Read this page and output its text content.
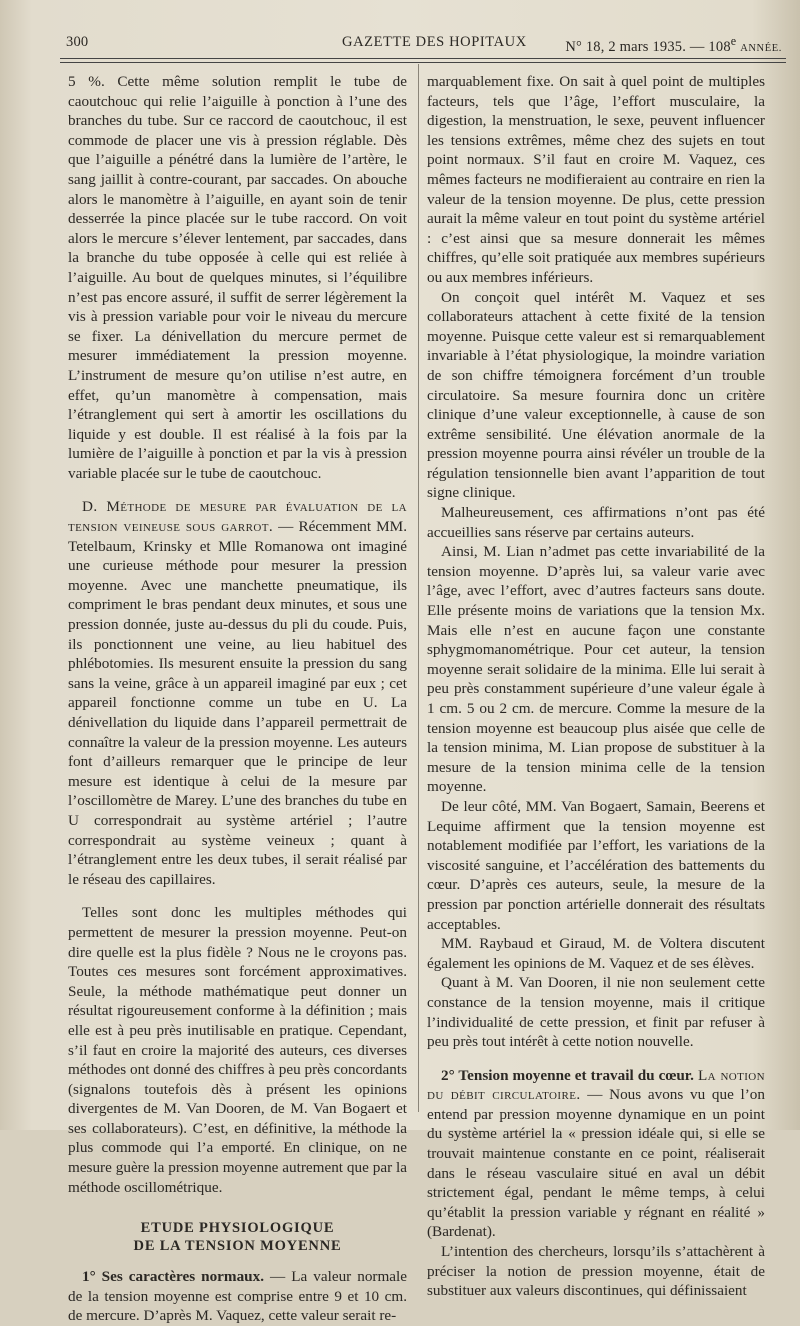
300	GAZETTE DES HOPITAUX	N° 18, 2 mars 1935. — 108e ANNÉE.

5 %. Cette même solution remplit le tube de caoutchouc qui relie l’aiguille à ponction à l’une des branches du tube. Sur ce raccord de caoutchouc, il est commode de placer une vis à pression réglable. Dès que l’aiguille a pénétré dans la lumière de l’artère, le sang jaillit à contre-courant, par saccades. On abouche alors le manomètre à l’aiguille, en ayant soin de tenir desserrée la pince placée sur le tube raccord. On voit alors le mercure s’élever lentement, par saccades, dans la branche du tube opposée à celle qui est reliée à l’aiguille. Au bout de quelques minutes, si l’équilibre n’est pas encore assuré, il suffit de serrer légèrement la vis à pression variable pour voir le niveau du mercure se fixer. La dénivellation du mercure permet de mesurer immédiatement la pression moyenne. L’instrument de mesure qu’on utilise n’est autre, en effet, qu’un manomètre à compensation, mais l’étranglement qui sert à amortir les oscillations du liquide y est double. Il est réalisé à la fois par la lumière de l’aiguille à ponction et par la vis à pression variable placée sur le tube de caoutchouc.

D. Méthode de mesure par évaluation de la tension veineuse sous garrot. — Récemment MM. Tetelbaum, Krinsky et Mlle Romanowa ont imaginé une curieuse méthode pour mesurer la pression moyenne. Avec une manchette pneumatique, ils compriment le bras pendant deux minutes, et sous une pression donnée, juste au-dessus du pli du coude. Puis, ils ponctionnent une veine, au lieu habituel des phlébotomies. Ils mesurent ensuite la pression du sang sans la veine, grâce à un appareil imaginé par eux ; cet appareil fonctionne comme un tube en U. La dénivellation du liquide dans l’appareil permettrait de connaître la valeur de la pression moyenne. Les auteurs font d’ailleurs remarquer que le principe de leur mesure est identique à celui de la mesure par l’oscillomètre de Marey. L’une des branches du tube en U correspondrait au système artériel ; l’autre correspondrait au système veineux ; quant à l’étranglement entre les deux tubes, il serait réalisé par le réseau des capillaires.

Telles sont donc les multiples méthodes qui permettent de mesurer la pression moyenne. Peut-on dire quelle est la plus fidèle ? Nous ne le croyons pas. Toutes ces mesures sont forcément approximatives. Seule, la méthode mathématique peut donner un résultat rigoureusement conforme à la définition ; mais elle est à peu près inutilisable en pratique. Cependant, s’il faut en croire la majorité des auteurs, ces diverses méthodes ont donné des chiffres à peu près concordants (signalons toutefois dès à présent les opinions divergentes de M. Van Dooren, de M. Van Bogaert et ses collaborateurs). C’est, en définitive, la méthode la plus commode qui l’a emporté. En clinique, on ne mesure guère la pression moyenne autrement que par la méthode oscillométrique.

ETUDE PHYSIOLOGIQUE
DE LA TENSION MOYENNE

1° Ses caractères normaux. — La valeur normale de la tension moyenne est comprise entre 9 et 10 cm. de mercure. D’après M. Vaquez, cette valeur serait re-

marquablement fixe. On sait à quel point de multiples facteurs, tels que l’âge, l’effort musculaire, la digestion, la menstruation, le sexe, peuvent influencer les tensions extrêmes, même chez des sujets en tout point normaux. S’il faut en croire M. Vaquez, ces mêmes facteurs ne modifieraient au contraire en rien la valeur de la tension moyenne. De plus, cette pression aurait la même valeur en tout point du système artériel : c’est ainsi que sa mesure donnerait les mêmes chiffres, qu’elle soit pratiquée aux membres supérieurs ou aux membres inférieurs.

On conçoit quel intérêt M. Vaquez et ses collaborateurs attachent à cette fixité de la tension moyenne. Puisque cette valeur est si remarquablement invariable à l’état physiologique, la moindre variation de son chiffre témoignera forcément d’un trouble circulatoire. Sa mesure fournira donc un critère clinique d’une valeur exceptionnelle, à cause de son extrême sensibilité. Une élévation anormale de la pression moyenne pourra ainsi révéler un trouble de la régulation tensionnelle bien avant l’apparition de tout signe clinique.

Malheureusement, ces affirmations n’ont pas été accueillies sans réserve par certains auteurs.

Ainsi, M. Lian n’admet pas cette invariabilité de la tension moyenne. D’après lui, sa valeur varie avec l’âge, avec l’effort, avec d’autres facteurs sans doute. Elle présente moins de variations que la tension Mx. Mais elle n’est en aucune façon une constante sphygmomanométrique. Pour cet auteur, la tension moyenne serait solidaire de la minima. Elle lui serait à peu près constamment supérieure d’une valeur égale à 1 cm. 5 ou 2 cm. de mercure. Comme la mesure de la tension moyenne est beaucoup plus aisée que celle de la tension minima, M. Lian propose de substituer à la mesure de la tension minima celle de la tension moyenne.

De leur côté, MM. Van Bogaert, Samain, Beerens et Lequime affirment que la tension moyenne est notablement modifiée par l’effort, les variations de la viscosité sanguine, et l’accélération des battements du cœur. D’après ces auteurs, seule, la mesure de la pression par ponction artérielle donnerait des résultats acceptables.

MM. Raybaud et Giraud, M. de Voltera discutent également les opinions de M. Vaquez et de ses élèves.

Quant à M. Van Dooren, il nie non seulement cette constance de la tension moyenne, mais il critique l’individualité de cette pression, et finit par refuser à peu près tout intérêt à cette notion nouvelle.

2° Tension moyenne et travail du cœur. La notion du débit circulatoire. — Nous avons vu que l’on entend par pression moyenne dynamique en un point du système artériel la « pression idéale qui, si elle se trouvait maintenue constante en ce point, réaliserait dans le réseau vasculaire situé en aval un débit strictement égal, pendant le même temps, à celui qu’établit la pression variable y régnant en réalité » (Bardenat).

L’intention des chercheurs, lorsqu’ils s’attachèrent à préciser la notion de pression moyenne, était de substituer aux valeurs discontinues, qui définissaient
